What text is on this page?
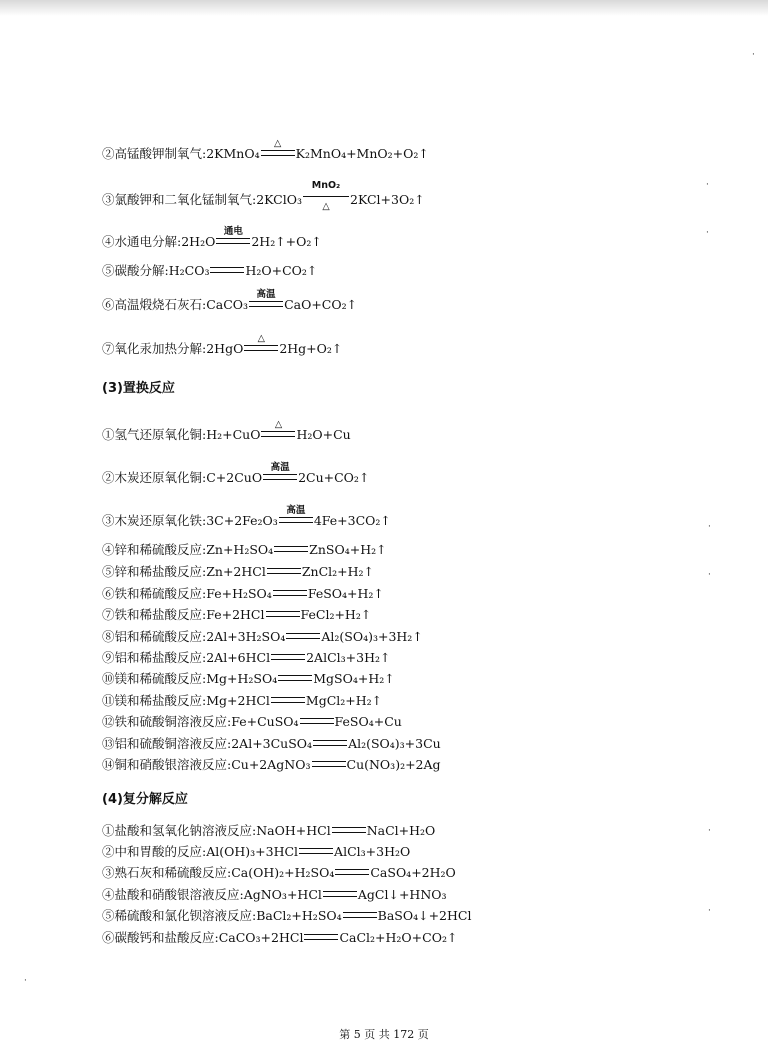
②高锰酸钾制氧气:2KMnO₄
△
K₂MnO₄+MnO₂+O₂↑
③氯酸钾和二氧化锰制氧气:2KClO₃
MnO₂
△ 2KCl+3O₂↑
④水通电分解:2H₂O
通电
2H₂↑+O₂↑
⑤碳酸分解:H₂CO₃	H₂O+CO₂↑
⑥高温煅烧石灰石:CaCO₃
高温
CaO+CO₂↑
⑦氧化汞加热分解:2HgO
△
2Hg+O₂↑
(3)置换反应
①氢气还原氧化铜:H₂+CuO
△
H₂O+Cu
②木炭还原氧化铜:C+2CuO
高温
2Cu+CO₂↑
③木炭还原氧化铁:3C+2Fe₂O₃
高温
4Fe+3CO₂↑
④锌和稀硫酸反应:Zn+H₂SO₄	ZnSO₄+H₂↑
⑤锌和稀盐酸反应:Zn+2HCl	ZnCl₂+H₂↑
⑥铁和稀硫酸反应:Fe+H₂SO₄	FeSO₄+H₂↑
⑦铁和稀盐酸反应:Fe+2HCl	FeCl₂+H₂↑
⑧铝和稀硫酸反应:2Al+3H₂SO₄	Al₂(SO₄)₃+3H₂↑
⑨铝和稀盐酸反应:2Al+6HCl	2AlCl₃+3H₂↑
⑩镁和稀硫酸反应:Mg+H₂SO₄	MgSO₄+H₂↑
⑪镁和稀盐酸反应:Mg+2HCl	MgCl₂+H₂↑
⑫铁和硫酸铜溶液反应:Fe+CuSO₄	FeSO₄+Cu
⑬铝和硫酸铜溶液反应:2Al+3CuSO₄	Al₂(SO₄)₃+3Cu
⑭铜和硝酸银溶液反应:Cu+2AgNO₃	Cu(NO₃)₂+2Ag
(4)复分解反应
①盐酸和氢氧化钠溶液反应:NaOH+HCl	NaCl+H₂O
②中和胃酸的反应:Al(OH)₃+3HCl	AlCl₃+3H₂O
③熟石灰和稀硫酸反应:Ca(OH)₂+H₂SO₄	CaSO₄+2H₂O
④盐酸和硝酸银溶液反应:AgNO₃+HCl	AgCl↓+HNO₃
⑤稀硫酸和氯化钡溶液反应:BaCl₂+H₂SO₄	BaSO₄↓+2HCl
⑥碳酸钙和盐酸反应:CaCO₃+2HCl	CaCl₂+H₂O+CO₂↑
第 5 页 共 172 页
·
·
·
·
·
·
·
·
